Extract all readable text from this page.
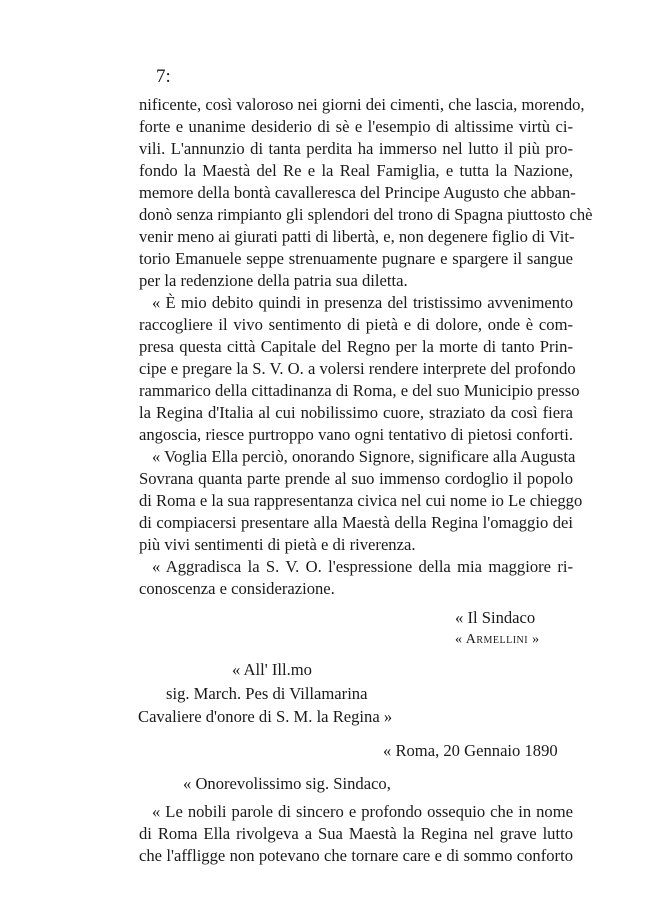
7:
nificente, così valoroso nei giorni dei cimenti, che lascia, morendo,
forte e unanime desiderio di sè e l'esempio di altissime virtù ci-
vili. L'annunzio di tanta perdita ha immerso nel lutto il più pro-
fondo la Maestà del Re e la Real Famiglia, e tutta la Nazione,
memore della bontà cavalleresca del Principe Augusto che abban-
donò senza rimpianto gli splendori del trono di Spagna piuttosto chè
venir meno ai giurati patti di libertà, e, non degenere figlio di Vit-
torio Emanuele seppe strenuamente pugnare e spargere il sangue
per la redenzione della patria sua diletta.
« È mio debito quindi in presenza del tristissimo avvenimento
raccogliere il vivo sentimento di pietà e di dolore, onde è com-
presa questa città Capitale del Regno per la morte di tanto Prin-
cipe e pregare la S. V. O. a volersi rendere interprete del profondo
rammarico della cittadinanza di Roma, e del suo Municipio presso
la Regina d'Italia al cui nobilissimo cuore, straziato da così fiera
angoscia, riesce purtroppo vano ogni tentativo di pietosi conforti.
« Voglia Ella perciò, onorando Signore, significare alla Augusta
Sovrana quanta parte prende al suo immenso cordoglio il popolo
di Roma e la sua rappresentanza civica nel cui nome io Le chieggo
di compiacersi presentare alla Maestà della Regina l'omaggio dei
più vivi sentimenti di pietà e di riverenza.
« Aggradisca la S. V. O. l'espressione della mia maggiore ri-
conoscenza e considerazione.
« Il Sindaco
« Armellini »
« All' Ill.mo
sig. March. Pes di Villamarina
Cavaliere d'onore di S. M. la Regina »
« Roma, 20 Gennaio 1890
« Onorevolissimo sig. Sindaco,
« Le nobili parole di sincero e profondo ossequio che in nome
di Roma Ella rivolgeva a Sua Maestà la Regina nel grave lutto
che l'affligge non potevano che tornare care e di sommo conforto
